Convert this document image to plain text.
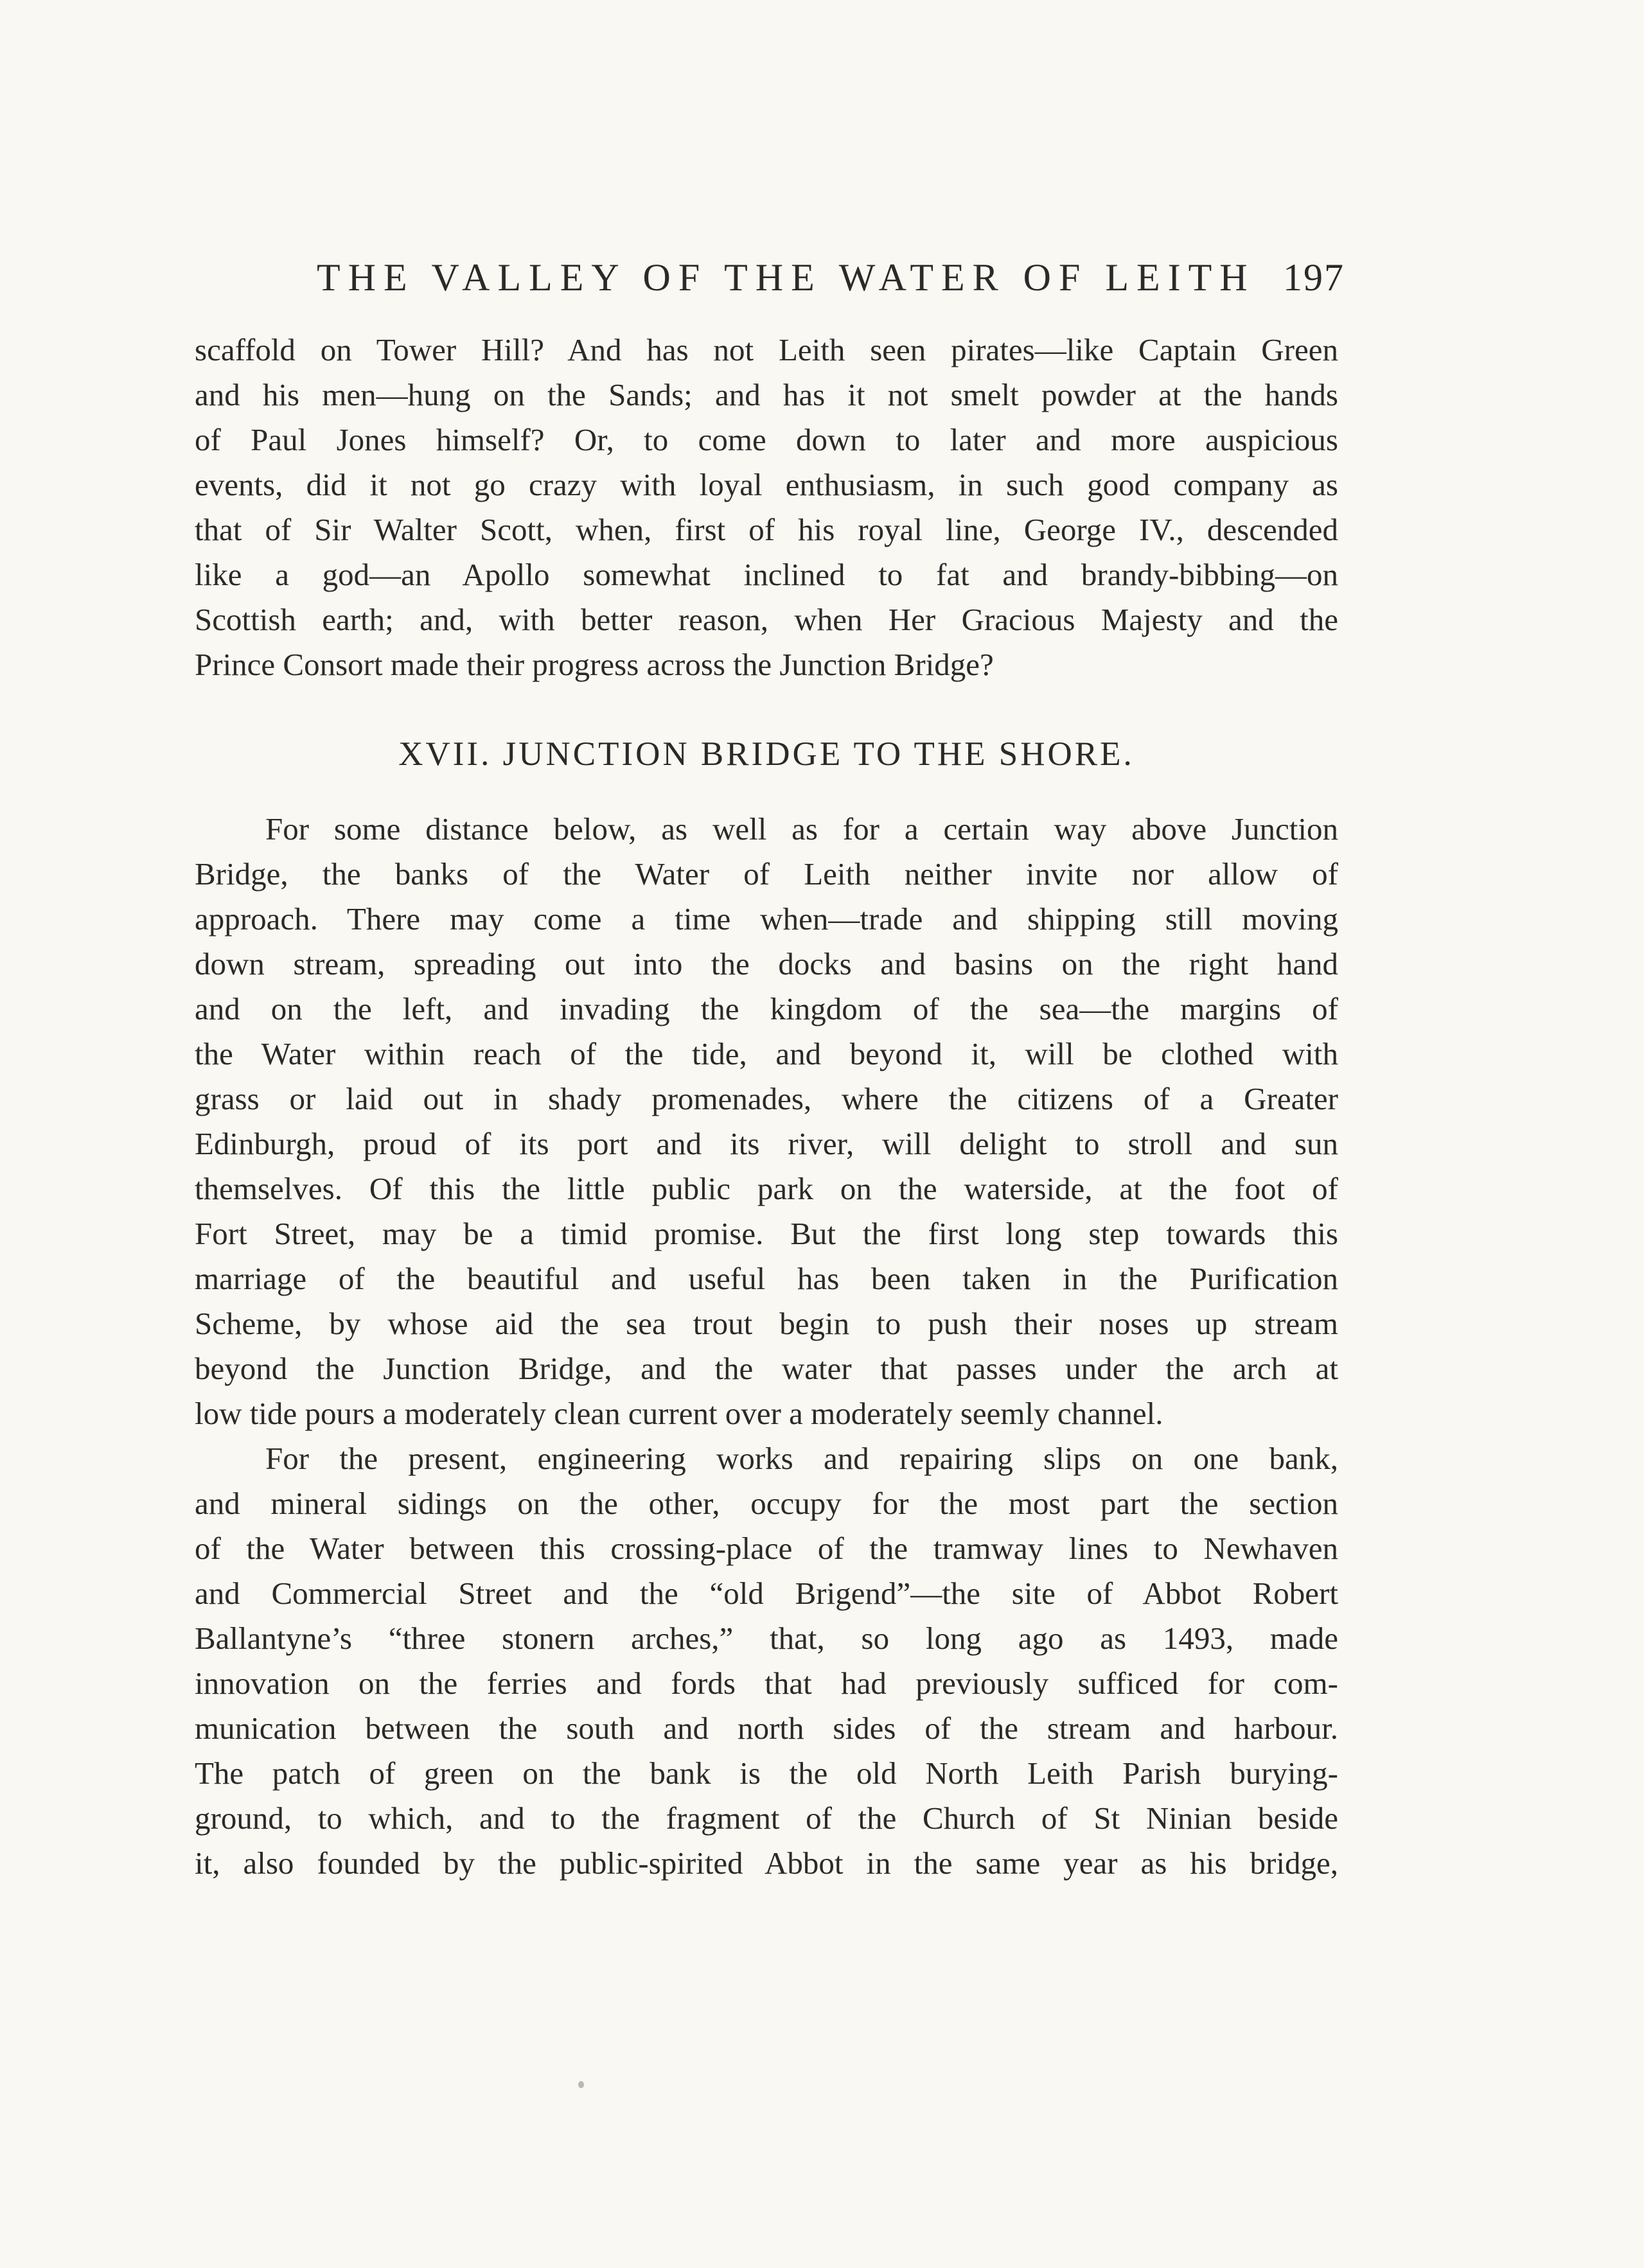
THE VALLEY OF THE WATER OF LEITH 197
scaffold on Tower Hill? And has not Leith seen pirates—like Captain Green
and his men—hung on the Sands; and has it not smelt powder at the hands
of Paul Jones himself? Or, to come down to later and more auspicious
events, did it not go crazy with loyal enthusiasm, in such good company as
that of Sir Walter Scott, when, first of his royal line, George IV., descended
like a god—an Apollo somewhat inclined to fat and brandy-bibbing—on
Scottish earth; and, with better reason, when Her Gracious Majesty and the
Prince Consort made their progress across the Junction Bridge?
XVII. JUNCTION BRIDGE TO THE SHORE.
For some distance below, as well as for a certain way above Junction
Bridge, the banks of the Water of Leith neither invite nor allow of
approach. There may come a time when—trade and shipping still moving
down stream, spreading out into the docks and basins on the right hand
and on the left, and invading the kingdom of the sea—the margins of
the Water within reach of the tide, and beyond it, will be clothed with
grass or laid out in shady promenades, where the citizens of a Greater
Edinburgh, proud of its port and its river, will delight to stroll and sun
themselves. Of this the little public park on the waterside, at the foot of
Fort Street, may be a timid promise. But the first long step towards this
marriage of the beautiful and useful has been taken in the Purification
Scheme, by whose aid the sea trout begin to push their noses up stream
beyond the Junction Bridge, and the water that passes under the arch at
low tide pours a moderately clean current over a moderately seemly channel.
For the present, engineering works and repairing slips on one bank,
and mineral sidings on the other, occupy for the most part the section
of the Water between this crossing-place of the tramway lines to Newhaven
and Commercial Street and the “old Brigend”—the site of Abbot Robert
Ballantyne’s “three stonern arches,” that, so long ago as 1493, made
innovation on the ferries and fords that had previously sufficed for com-
munication between the south and north sides of the stream and harbour.
The patch of green on the bank is the old North Leith Parish burying-
ground, to which, and to the fragment of the Church of St Ninian beside
it, also founded by the public-spirited Abbot in the same year as his bridge,
